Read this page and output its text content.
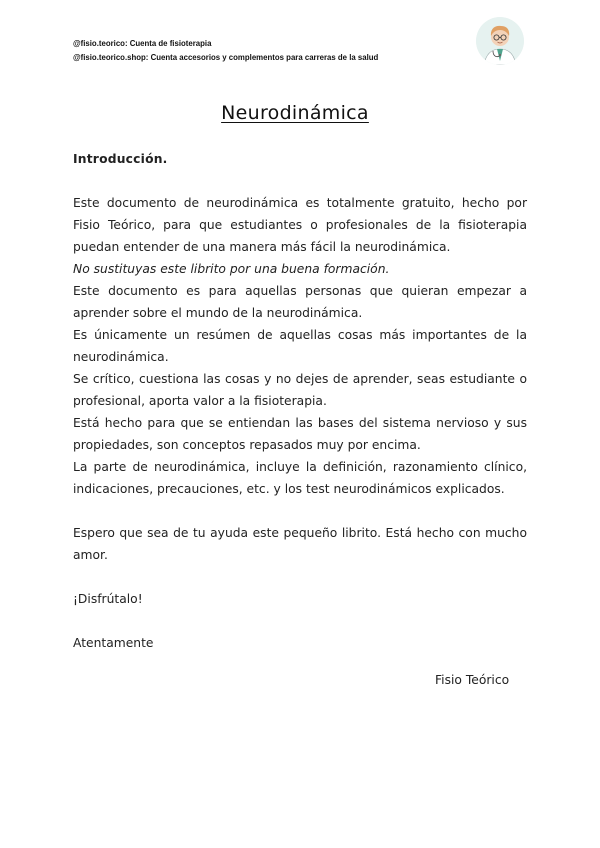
@fisio.teorico: Cuenta de fisioterapia
@fisio.teorico.shop: Cuenta accesorios y complementos para carreras de la salud
Neurodinámica

Introducción.

Este documento de neurodinámica es totalmente gratuito, hecho por Fisio Teórico, para que estudiantes o profesionales de la fisioterapia puedan entender de una manera más fácil la neurodinámica.

No sustituyas este librito por una buena formación.

Este documento es para aquellas personas que quieran empezar a aprender sobre el mundo de la neurodinámica.

Es únicamente un resúmen de aquellas cosas más importantes de la neurodinámica.

Se crítico, cuestiona las cosas y no dejes de aprender, seas estudiante o profesional, aporta valor a la fisioterapia.

Está hecho para que se entiendan las bases del sistema nervioso y sus propiedades, son conceptos repasados muy por encima.

La parte de neurodinámica, incluye la definición, razonamiento clínico, indicaciones, precauciones, etc. y los test neurodinámicos explicados.

Espero que sea de tu ayuda este pequeño librito. Está hecho con mucho amor.

¡Disfrútalo!

Atentamente

Fisio Teórico
